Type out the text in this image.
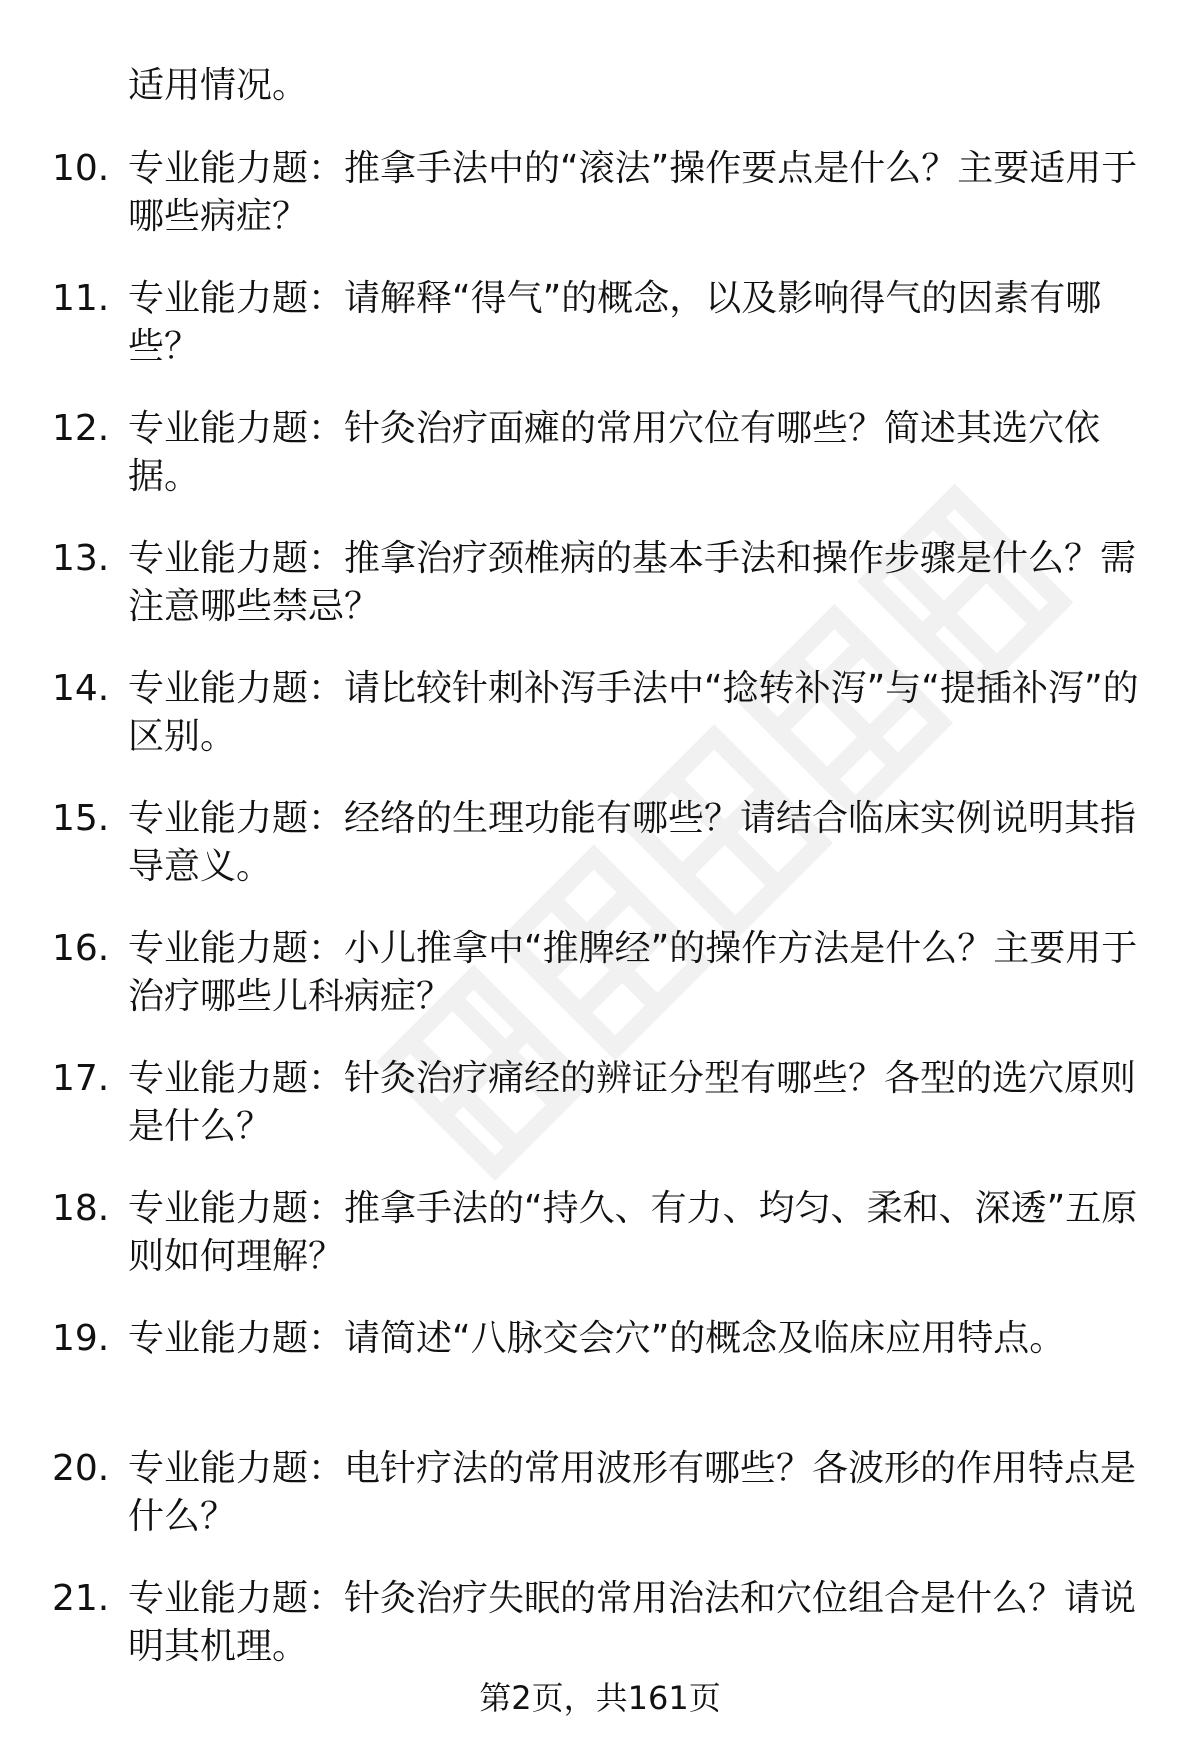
适用情况。

10. 专业能力题：推拿手法中的“滚法”操作要点是什么？主要适用于哪些病症？

11. 专业能力题：请解释“得气”的概念，以及影响得气的因素有哪些？

12. 专业能力题：针灸治疗面瘫的常用穴位有哪些？简述其选穴依据。

13. 专业能力题：推拿治疗颈椎病的基本手法和操作步骤是什么？需注意哪些禁忌？

14. 专业能力题：请比较针刺补泻手法中“捻转补泻”与“提插补泻”的区别。

15. 专业能力题：经络的生理功能有哪些？请结合临床实例说明其指导意义。

16. 专业能力题：小儿推拿中“推脾经”的操作方法是什么？主要用于治疗哪些儿科病症？

17. 专业能力题：针灸治疗痛经的辨证分型有哪些？各型的选穴原则是什么？

18. 专业能力题：推拿手法的“持久、有力、均匀、柔和、深透”五原则如何理解？

19. 专业能力题：请简述“八脉交会穴”的概念及临床应用特点。

20. 专业能力题：电针疗法的常用波形有哪些？各波形的作用特点是什么？

21. 专业能力题：针灸治疗失眠的常用治法和穴位组合是什么？请说明其机理。

第2页，共161页
